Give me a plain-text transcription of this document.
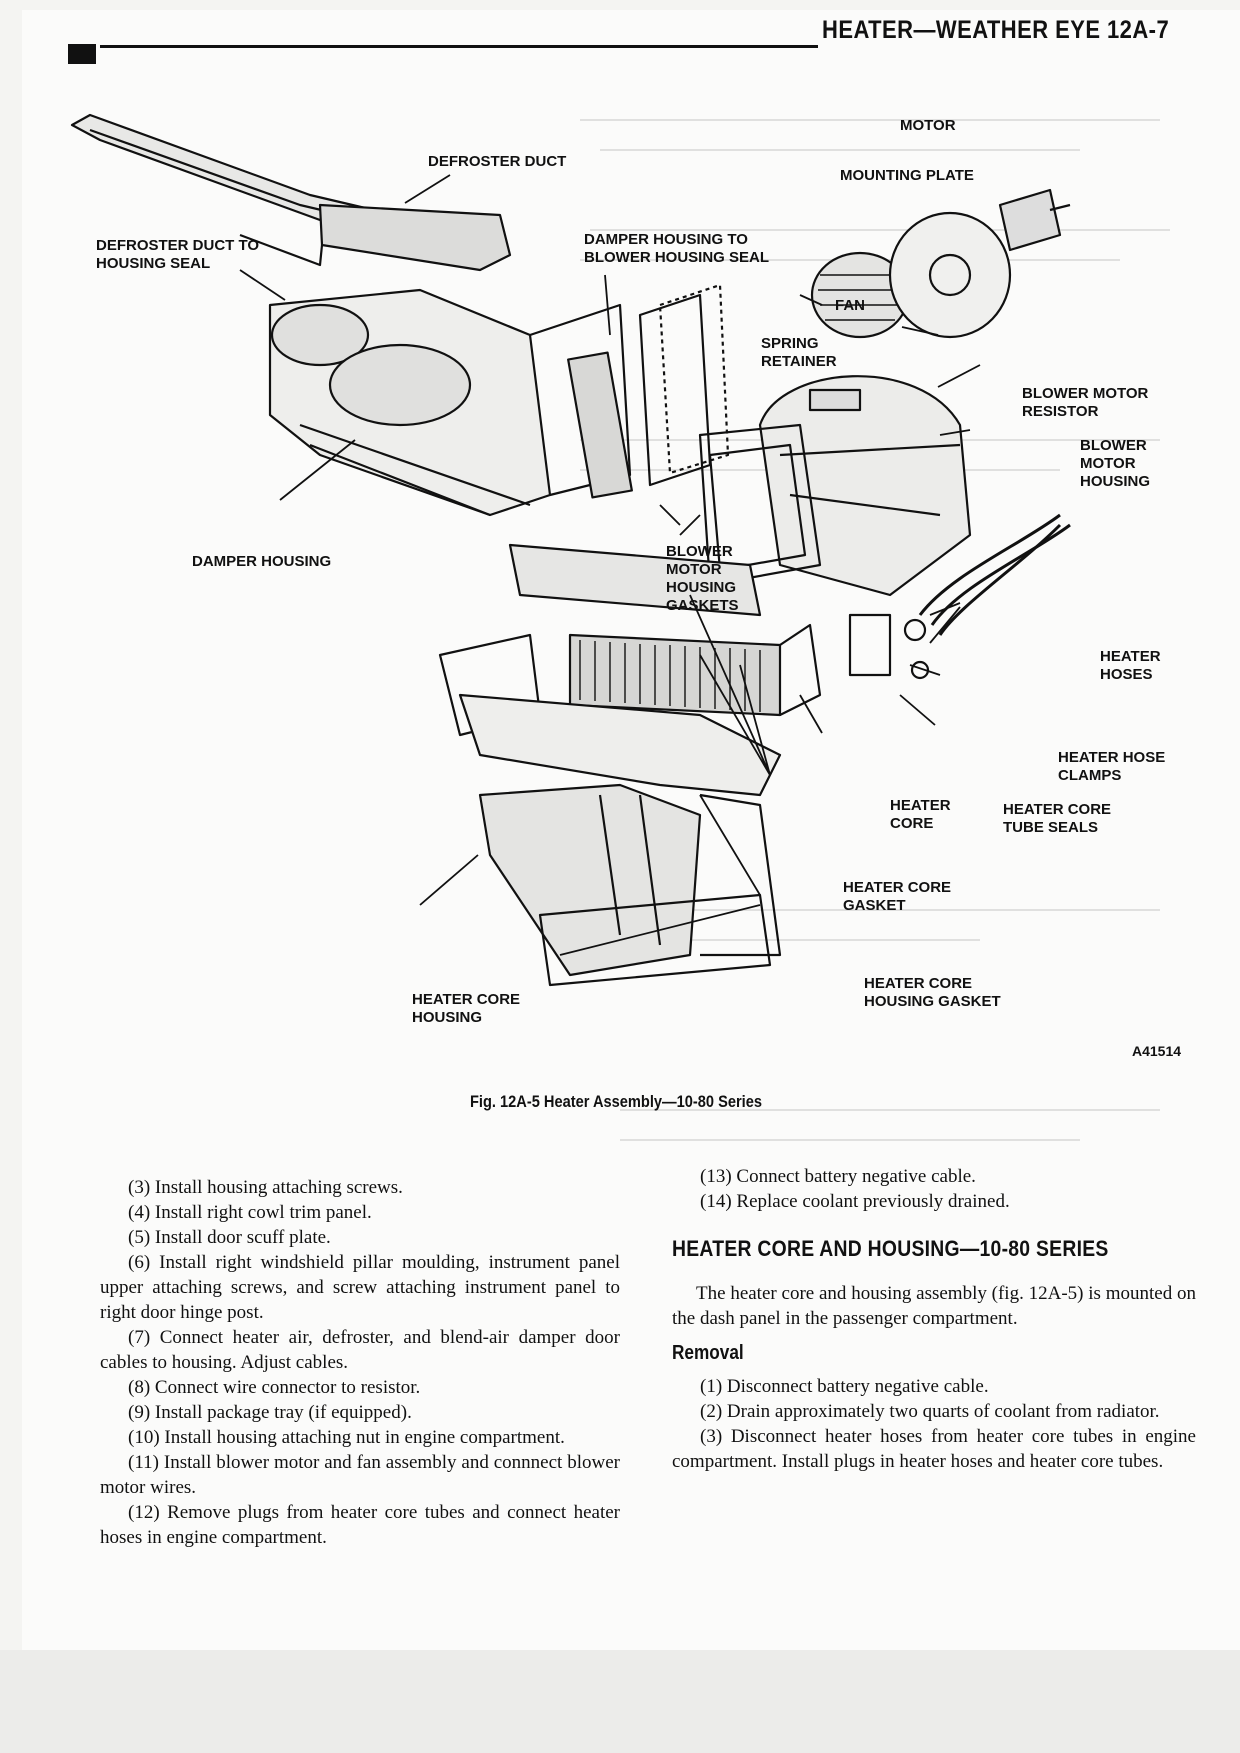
HEATER—WEATHER EYE 12A-7
MOTOR
MOUNTING PLATE
DEFROSTER DUCT
DEFROSTER DUCT TO
HOUSING SEAL
DAMPER HOUSING TO
BLOWER HOUSING SEAL
FAN
SPRING
RETAINER
BLOWER MOTOR
RESISTOR
BLOWER
MOTOR
HOUSING
DAMPER HOUSING
BLOWER
MOTOR
HOUSING
GASKETS
HEATER
HOSES
HEATER HOSE
CLAMPS
HEATER
CORE
HEATER CORE
TUBE SEALS
HEATER CORE
GASKET
HEATER CORE
HOUSING GASKET
HEATER CORE
HOUSING
A41514
Fig. 12A-5 Heater Assembly—10-80 Series

(3) Install housing attaching screws.

(4) Install right cowl trim panel.

(5) Install door scuff plate.

(6) Install right windshield pillar moulding, instrument panel upper attaching screws, and screw attaching instrument panel to right door hinge post.

(7) Connect heater air, defroster, and blend-air damper door cables to housing. Adjust cables.

(8) Connect wire connector to resistor.

(9) Install package tray (if equipped).

(10) Install housing attaching nut in engine compartment.

(11) Install blower motor and fan assembly and connnect blower motor wires.

(12) Remove plugs from heater core tubes and connect heater hoses in engine compartment.

(13) Connect battery negative cable.

(14) Replace coolant previously drained.

HEATER CORE AND HOUSING—10-80 SERIES

The heater core and housing assembly (fig. 12A-5) is mounted on the dash panel in the passenger compartment.

Removal

(1) Disconnect battery negative cable.

(2) Drain approximately two quarts of coolant from radiator.

(3) Disconnect heater hoses from heater core tubes in engine compartment. Install plugs in heater hoses and heater core tubes.
